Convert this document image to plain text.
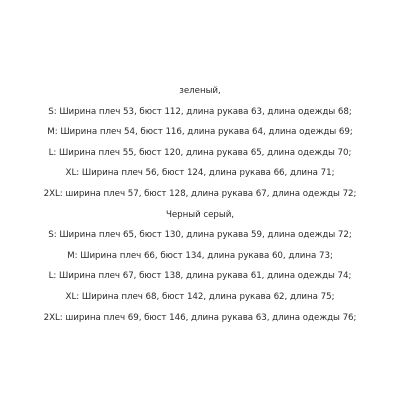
зеленый,
S: Ширина плеч 53, бюст 112, длина рукава 63, длина одежды 68;
M: Ширина плеч 54, бюст 116, длина рукава 64, длина одежды 69;
L: Ширина плеч 55, бюст 120, длина рукава 65, длина одежды 70;
XL: Ширина плеч 56, бюст 124, длина рукава 66, длина 71;
2XL: ширина плеч 57, бюст 128, длина рукава 67, длина одежды 72;
Черный серый,
S: Ширина плеч 65, бюст 130, длина рукава 59, длина одежды 72;
M: Ширина плеч 66, бюст 134, длина рукава 60, длина 73;
L: Ширина плеч 67, бюст 138, длина рукава 61, длина одежды 74;
XL: Ширина плеч 68, бюст 142, длина рукава 62, длина 75;
2XL: ширина плеч 69, бюст 146, длина рукава 63, длина одежды 76;
